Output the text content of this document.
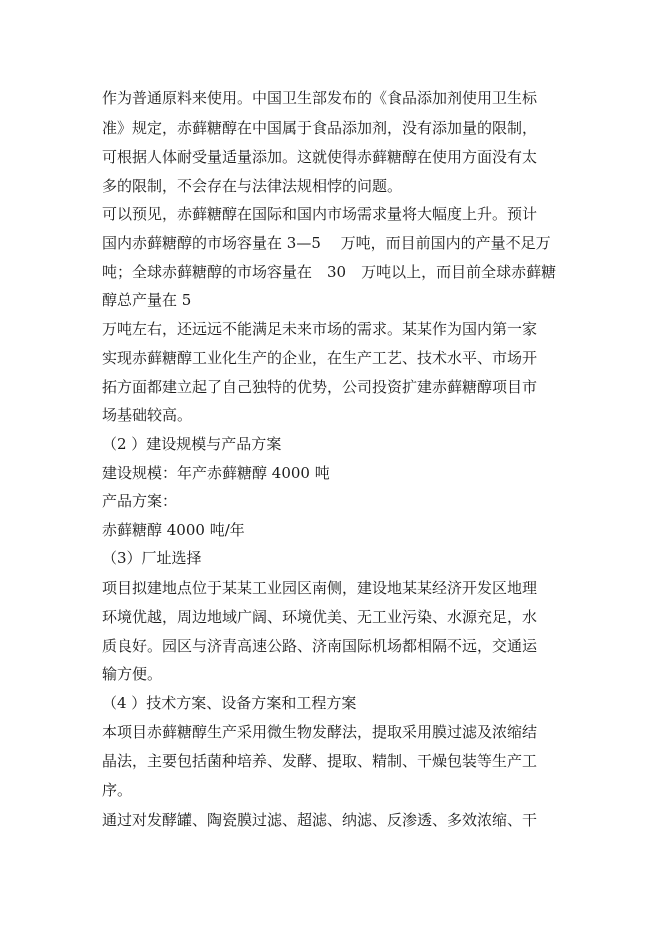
作为普通原料来使用。中国卫生部发布的《食品添加剂使用卫生标
准》规定，赤藓糖醇在中国属于食品添加剂，没有添加量的限制，
可根据人体耐受量适量添加。这就使得赤藓糖醇在使用方面没有太
多的限制，不会存在与法律法规相悖的问题。
可以预见，赤藓糖醇在国际和国内市场需求量将大幅度上升。预计
国内赤藓糖醇的市场容量在 3—5　 万吨，而目前国内的产量不足万
吨；全球赤藓糖醇的市场容量在　30　万吨以上，而目前全球赤藓糖
醇总产量在 5
万吨左右，还远远不能满足未来市场的需求。某某作为国内第一家
实现赤藓糖醇工业化生产的企业，在生产工艺、技术水平、市场开
拓方面都建立起了自己独特的优势，公司投资扩建赤藓糖醇项目市
场基础较高。
（2 ）建设规模与产品方案
建设规模：年产赤藓糖醇 4000 吨
产品方案：
赤藓糖醇 4000 吨/年
（3）厂址选择
项目拟建地点位于某某工业园区南侧，建设地某某经济开发区地理
环境优越，周边地域广阔、环境优美、无工业污染、水源充足，水
质良好。园区与济青高速公路、济南国际机场都相隔不远，交通运
输方便。
（4 ）技术方案、设备方案和工程方案
本项目赤藓糖醇生产采用微生物发酵法，提取采用膜过滤及浓缩结
晶法，主要包括菌种培养、发酵、提取、精制、干燥包装等生产工
序。
通过对发酵罐、陶瓷膜过滤、超滤、纳滤、反渗透、多效浓缩、干
